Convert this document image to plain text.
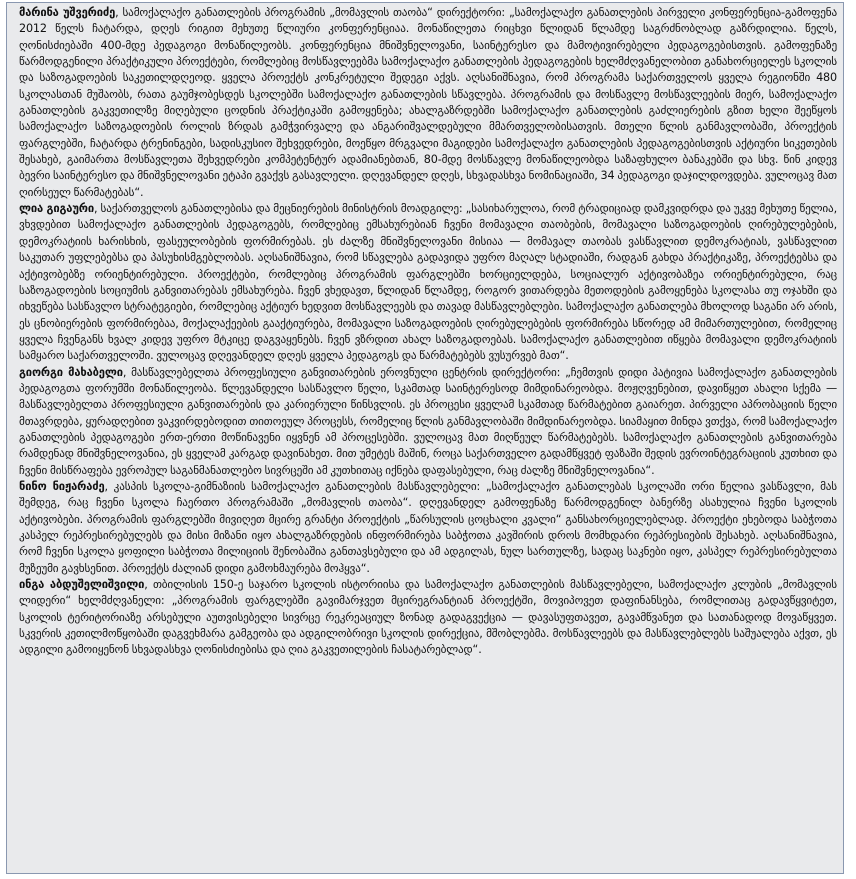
მარინა უშვერიძე, სამოქალაქო განათლების პროგრამის „მომავლის თაობა“ დირექტორი: „სამოქალაქო განათლების პირველი კონფერენცია-გამოფენა 2012 წელს ჩატარდა, დღეს რიგით მეხუთე წლიური კონფერენციაა. მონაწილეთა რიცხვი წლიდან წლამდე საგრძნობლად გაზრდილია. წელს, ღონისძიებაში 400-მდე პედაგოგი მონაწილეობს. კონფერენცია მნიშვნელოვანი, საინტერესო და მამოტივირებელი პედაგოგებისთვის. გამოფენაზე წარმოდგენილი პრაქტიკული პროექტები, რომლებიც მოსწავლეებმა სამოქალაქო განათლების პედაგოგების ხელმძღვანელობით განახორციელეს სკოლის და საზოგადოების საკეთილდღეოდ. ყველა პროექტს კონკრეტული შედეგი აქვს. აღსანიშნავია, რომ პროგრამა საქართველოს ყველა რეგიონში 480 სკოლასთან მუშაობს, რათა გაუმჯობესდეს სკოლებში სამოქალაქო განათლების სწავლება. პროგრამის და მოსწავლე მოსწავლეების მიერ, სამოქალაქო განათლების გაკვეთილზე მიღებული ცოდნის პრაქტიკაში გამოყენება; ახალგაზრდებში სამოქალაქო განათლების გაძლიერების გზით ხელი შეეწყოს სამოქალაქო საზოგადოების როლის ზრდას გამჭვირვალე და ანგარიშვალდებული მმართველობისათვის. მთელი წლის განმავლობაში, პროექტის ფარგლებში, ჩატარდა ტრენინგები, სადისკუსიო შეხვედრები, მოეწყო მრგვალი მაგიდები სამოქალაქო განათლების პედაგოგებისთვის აქტიური სიკეთების შესახებ, გაიმართა მოსწავლეთა შეხვედრები კომპეტენტურ ადამიანებთან, 80-მდე მოსწავლე მონაწილეობდა საზაფხულო ბანაკებში და სხვ. წინ კიდევ ბევრი საინტერესო და მნიშვნელოვანი ეტაპი გვაქვს გასავლელი. დღევანდელ დღეს, სხვადასხვა ნომინაციაში, 34 პედაგოგი დაჯილდოვდება. ვულოცავ მათ ღირსეულ წარმატებას“.

ლია გიგაური, საქართველოს განათლებისა და მეცნიერების მინისტრის მოადგილე: „სასიხარულოა, რომ ტრადიციად დამკვიდრდა და უკვე მეხუთე წელია, ვხვდებით სამოქალაქო განათლების პედაგოგებს, რომლებიც ემსახურებიან ჩვენი მომავალი თაობების, მომავალი საზოგადოების ღირებულებების, დემოკრატიის ხარისხის, ფასეულობების ფორმირებას. ეს ძალზე მნიშვნელოვანი მისიაა — მომავალ თაობას ვასწავლით დემოკრატიას, ვასწავლით საკუთარ უფლებებსა და პასუხისმგებლობას. აღსანიშნავია, რომ სწავლება გადავიდა უფრო მაღალ სტადიაში, რადგან გახდა პრაქტიკაზე, პროექტებსა და აქტივობებზე ორიენტირებული. პროექტები, რომლებიც პროგრამის ფარგლებში ხორციელდება, სოციალურ აქტივობაზეა ორიენტირებული, რაც საზოგადოების სოციუმის განვითარებას ემსახურება. ჩვენ ვხედავთ, წლიდან წლამდე, როგორ ვითარდება მეთოდების გამოყენება სკოლასა თუ ოჯახში და იხვეწება სასწავლო სტრატეგიები, რომლებიც აქტიურ ხედვით მოსწავლეებს და თავად მასწავლებლები. სამოქალაქო განათლება მხოლოდ საგანი არ არის, ეს ცნობიერების ფორმირებაა, მოქალაქეების გააქტიურება, მომავალი საზოგადოების ღირებულებების ფორმირება სწორედ ამ მიმართულებით, რომელიც ყველა ჩვენგანს ხვალ კიდევ უფრო მტკიცე დაგვაყენებს. ჩვენ ვზრდით ახალ საზოგადოებას. სამოქალაქო განათლებით იწყება მომავალი დემოკრატიის სამყარო საქართველოში. ვულოცავ დღევანდელ დღეს ყველა პედაგოგს და წარმატებებს ვუსურვებ მათ“.

გიორგი მახაბელი, მასწავლებელთა პროფესიული განვითარების ეროვნული ცენტრის დირექტორი: „ჩემთვის დიდი პატივია სამოქალაქო განათლების პედაგოგთა ფორუმში მონაწილეობა. წლევანდელი სასწავლო წელი, სკამთად საინტერესოდ მიმდინარეობდა. მოჟღვენებით, დავიწყეთ ახალი სქემა — მასწავლებელთა პროფესიული განვითარების და კარიერული წინსვლის. ეს პროცესი ყველამ სკამთად წარმატებით გაიარეთ. პირველი აპრობაციის წელი მთავრდება, ყურადღებით ვაკვირდებოდით თითოეულ პროცესს, რომელიც წლის განმავლობაში მიმდინარეობდა. სიამაყით მინდა ვთქვა, რომ სამოქალაქო განათლების პედაგოგები ერთ-ერთი მოწინავენი იყვნენ ამ პროცესებში. ვულოცავ მათ მიღწეულ წარმატებებს. სამოქალაქო განათლების განვითარება რამდენად მნიშვნელოვანია, ეს ყველამ კარგად დავინახეთ. მით უმეტეს მაშინ, როცა საქართველო გადამწყვეტ ფაზაში შედის ევროინტეგრაციის კუთხით და ჩვენი მისწრაფება ევროპულ საგანმანათლებო სივრცეში ამ კუთხითაც იქნება დაფასებული, რაც ძალზე მნიშვნელოვანია“.

ნინო ნიჟარაძე, კასპის სკოლა-გიმნაზიის სამოქალაქო განათლების მასწავლებელი: „სამოქალაქო განათლებას სკოლაში ორი წელია ვასწავლი, მას შემდეგ, რაც ჩვენი სკოლა ჩაერთო პროგრამაში „მომავლის თაობა“. დღევანდელ გამოფენაზე წარმოდგენილ ბანერზე ასახულია ჩვენი სკოლის აქტივობები. პროგრამის ფარგლებში მივიღეთ მცირე გრანტი პროექტის „წარსულის ცოცხალი კვალი“ განსახორციელებლად. პროექტი ეხებოდა საბჭოთა კასპელ რეპრესირებულებს და მისი მიზანი იყო ახალგაზრდების ინფორმირება საბჭოთა კავშირის დროს მომხდარი რეპრესიების შესახებ. აღსანიშნავია, რომ ჩვენი სკოლა ყოფილი საბჭოთა მილიციის შენობაშია განთავსებული და ამ ადგილას, ნულ სართულზე, სადაც საკნები იყო, კასპელ რეპრესირებულთა მუზეუმი გავხსენით. პროექტს ძალიან დიდი გამოხმაურება მოჰყვა“.

ინგა აბდუშელიშვილი, თბილისის 150-ე საჯარო სკოლის ისტორიისა და სამოქალაქო განათლების მასწავლებელი, სამოქალაქო კლუბის „მომავლის ლიდერი“ ხელმძღვანელი: „პროგრამის ფარგლებში გავიმარჯვეთ მცირეგრანტიან პროექტში, მოვიპოვეთ დაფინანსება, რომლითაც გადავწყვიტეთ, სკოლის ტერიტორიაზე არსებული აუთვისებელი სივრცე რეკრეაციულ ზონად გადაგვექცია — დავასუფთავეთ, გავამწვანეთ და სათანადოდ მოვაწყვეთ. სკვერის კეთილმოწყობაში დაგვეხმარა გამგეობა და ადგილობრივი სკოლის დირექცია, მშობლებმა. მოსწავლეებს და მასწავლებლებს საშუალება აქვთ, ეს ადგილი გამოიყენონ სხვადასხვა ღონისძიებისა და ღია გაკვეთილების ჩასატარებლად“.
